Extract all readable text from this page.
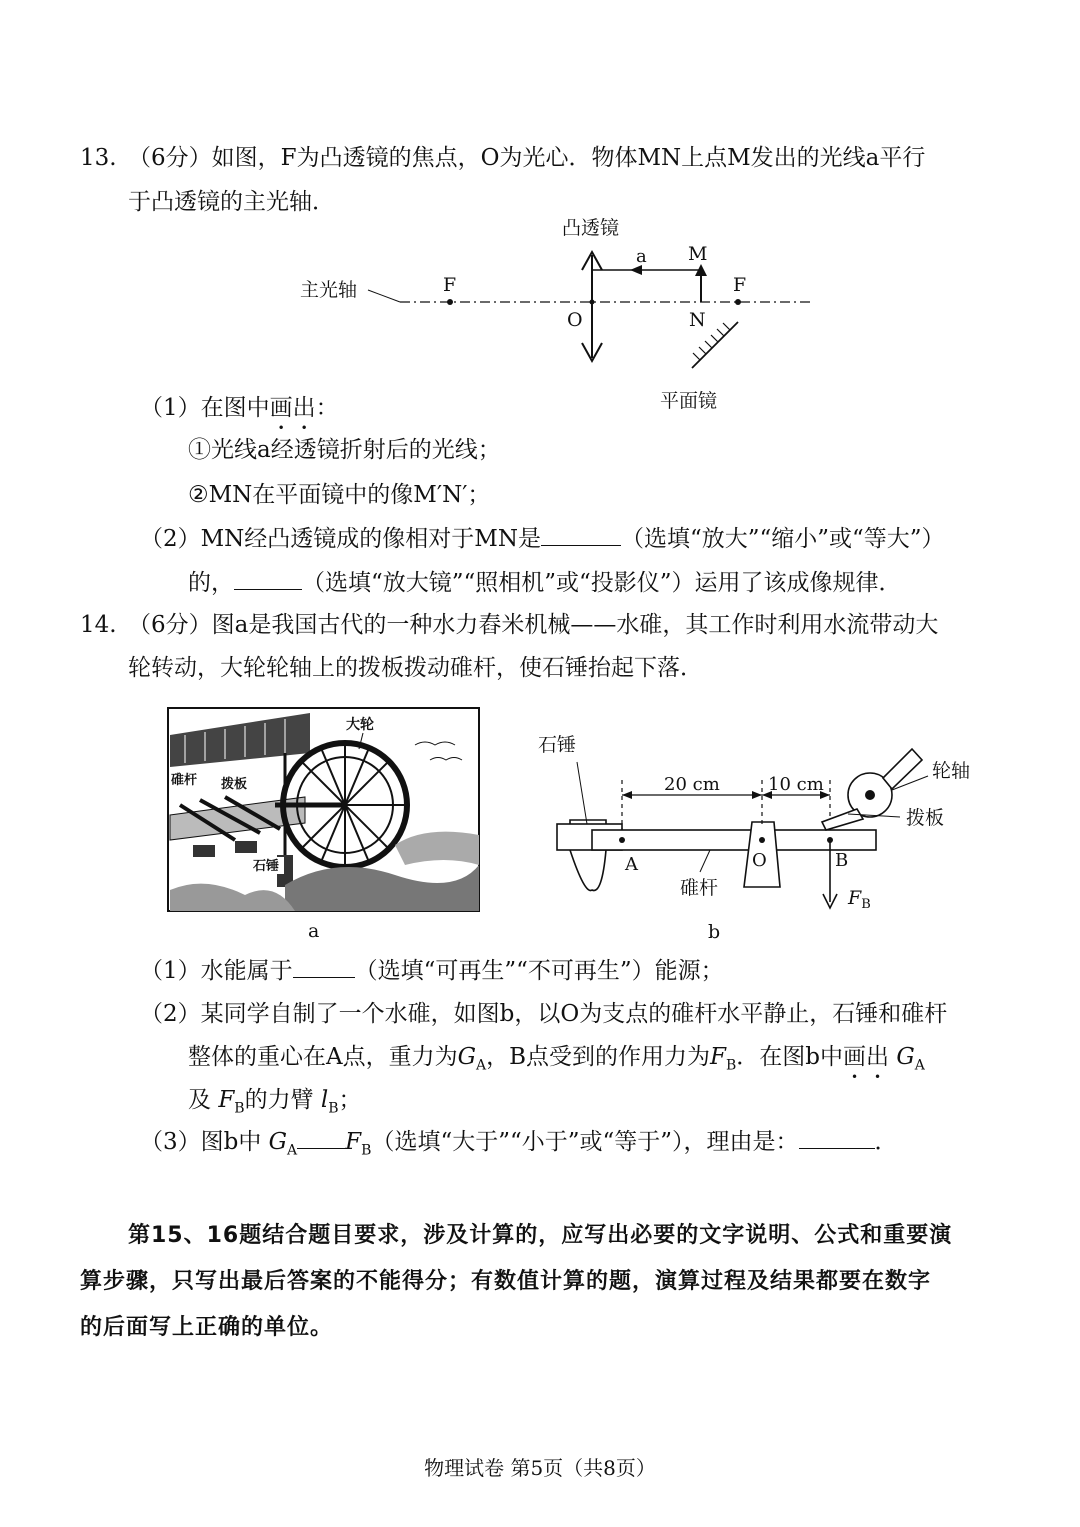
13. （6分）如图，F为凸透镜的焦点，O为光心．物体MN上点M发出的光线a平行
于凸透镜的主光轴．
凸透镜
主光轴	F	F
O
a M
N
平面镜
（1）在图中画出：
①光线a经透镜折射后的光线；
②MN在平面镜中的像M′N′；
（2）MN经凸透镜成的像相对于MN是	（选填“放大”“缩小”或“等大”）
的，	（选填“放大镜”“照相机”或“投影仪”）运用了该成像规律．
14. （6分）图a是我国古代的一种水力舂米机械——水碓，其工作时利用水流带动大
轮转动，大轮轮轴上的拨板拨动碓杆，使石锤抬起下落．
大轮
碓杆 拨板
石锤
a
石锤
20 cm	10 cm
轮轴
拨板
A	O	B
碓杆	$F_B$
b
（1）水能属于	（选填“可再生”“不可再生”）能源；
（2）某同学自制了一个水碓，如图b，以O为支点的碓杆水平静止，石锤和碓杆
整体的重心在A点，重力为$G_A$，B点受到的作用力为$F_B$．在图b中画出 $G_A$
及 $F_B$的力臂 $l_B$；
（3）图b中 $G_A$ $F_B$（选填“大于”“小于”或“等于”），理由是：	．
第15、16题结合题目要求，涉及计算的，应写出必要的文字说明、公式和重要演
算步骤，只写出最后答案的不能得分；有数值计算的题，演算过程及结果都要在数字
的后面写上正确的单位。
物理试卷 第5页（共8页）
